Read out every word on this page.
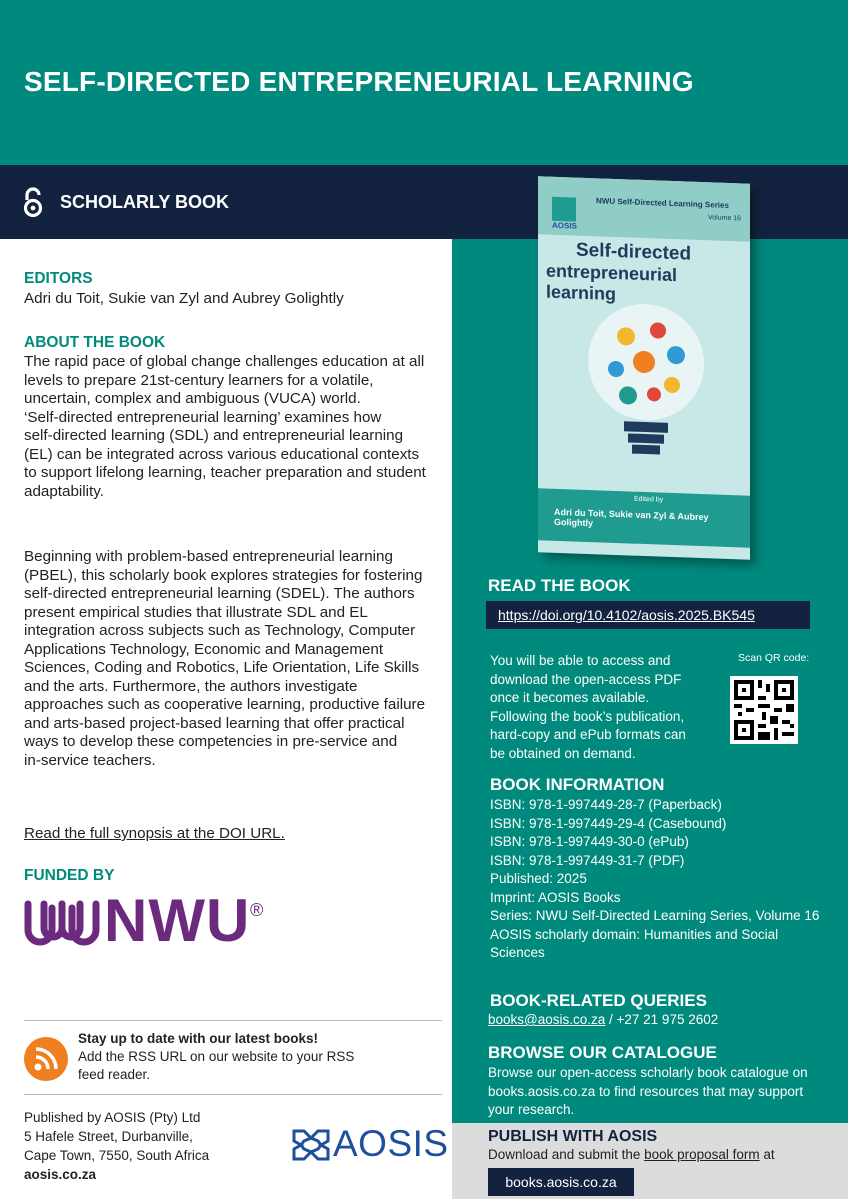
SELF-DIRECTED ENTREPRENEURIAL LEARNING
SCHOLARLY BOOK
EDITORS
Adri du Toit, Sukie van Zyl and Aubrey Golightly
ABOUT THE BOOK
The rapid pace of global change challenges education at all
levels to prepare 21st-century learners for a volatile,
uncertain, complex and ambiguous (VUCA) world.
‘Self-directed entrepreneurial learning’ examines how
self-directed learning (SDL) and entrepreneurial learning
(EL) can be integrated across various educational contexts
to support lifelong learning, teacher preparation and student
adaptability.
Beginning with problem-based entrepreneurial learning
(PBEL), this scholarly book explores strategies for fostering
self-directed entrepreneurial learning (SDEL). The authors
present empirical studies that illustrate SDL and EL
integration across subjects such as Technology, Computer
Applications Technology, Economic and Management
Sciences, Coding and Robotics, Life Orientation, Life Skills
and the arts. Furthermore, the authors investigate
approaches such as cooperative learning, productive failure
and arts-based project-based learning that offer practical
ways to develop these competencies in pre-service and
in-service teachers.
Read the full synopsis at the DOI URL.
FUNDED BY
NWU ®
Stay up to date with our latest books!
Add the RSS URL on our website to your RSS
feed reader.
Published by AOSIS (Pty) Ltd
5 Hafele Street, Durbanville,
Cape Town, 7550, South Africa
aosis.co.za
AOSIS
AOSIS
NWU Self-Directed Learning Series
Volume 16
Self-directed
entrepreneurial learning
Edited by
Adri du Toit, Sukie van Zyl & Aubrey Golightly
READ THE BOOK
https://doi.org/10.4102/aosis.2025.BK545
You will be able to access and
download the open-access PDF
once it becomes available.
Following the book’s publication,
hard-copy and ePub formats can
be obtained on demand.
Scan QR code:
BOOK INFORMATION
ISBN: 978-1-997449-28-7 (Paperback)
ISBN: 978-1-997449-29-4 (Casebound)
ISBN: 978-1-997449-30-0 (ePub)
ISBN: 978-1-997449-31-7 (PDF)
Published: 2025
Imprint: AOSIS Books
Series: NWU Self-Directed Learning Series, Volume 16
AOSIS scholarly domain: Humanities and Social
Sciences
BOOK-RELATED QUERIES
books@aosis.co.za / +27 21 975 2602
BROWSE OUR CATALOGUE
Browse our open-access scholarly book catalogue on
books.aosis.co.za to find resources that may support
your research.
PUBLISH WITH AOSIS
Download and submit the book proposal form at
books.aosis.co.za
